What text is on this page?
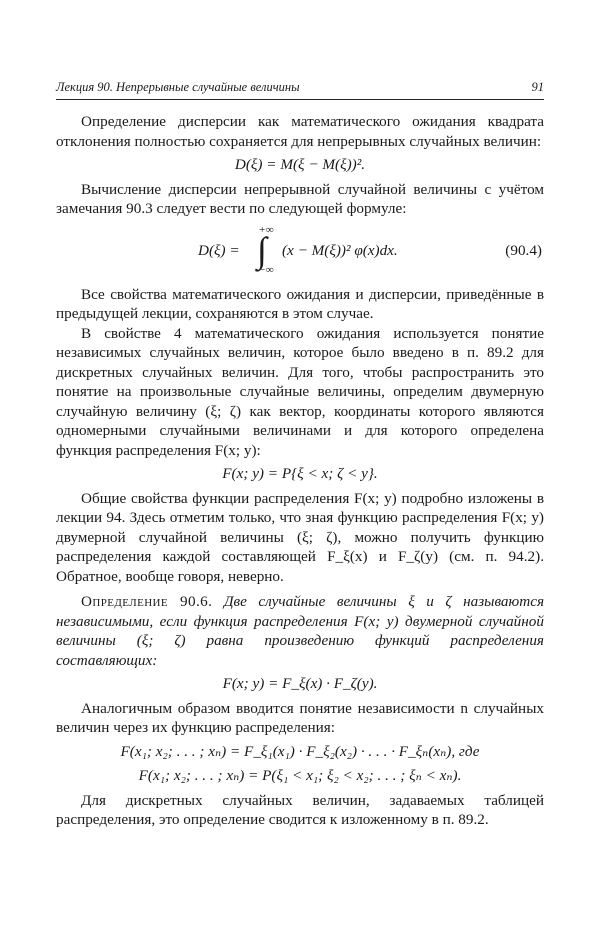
Лекция 90. Непрерывные случайные величины	91

Определение дисперсии как математического ожидания квадрата отклонения полностью сохраняется для непрерывных случайных величин:

D(ξ) = M(ξ − M(ξ))².

Вычисление дисперсии непрерывной случайной величины с учётом замечания 90.3 следует вести по следующей формуле:

D(ξ) =
+∞
∫
−∞
(x − M(ξ))² φ(x)dx.	(90.4)

Все свойства математического ожидания и дисперсии, приведённые в предыдущей лекции, сохраняются в этом случае.

В свойстве 4 математического ожидания используется понятие независимых случайных величин, которое было введено в п. 89.2 для дискретных случайных величин. Для того, чтобы распространить это понятие на произвольные случайные величины, определим двумерную случайную величину (ξ; ζ) как вектор, координаты которого являются одномерными случайными величинами и для которого определена функция распределения F(x; y):

F(x; y) = P{ξ < x; ζ < y}.

Общие свойства функции распределения F(x; y) подробно изложены в лекции 94. Здесь отметим только, что зная функцию распределения F(x; y) двумерной случайной величины (ξ; ζ), можно получить функцию распределения каждой составляющей F_ξ(x) и F_ζ(y) (см. п. 94.2). Обратное, вообще говоря, неверно.

Определение 90.6. Две случайные величины ξ и ζ называются независимыми, если функция распределения F(x; y) двумерной случайной величины (ξ; ζ) равна произведению функций распределения составляющих:

F(x; y) = F_ξ(x) · F_ζ(y).

Аналогичным образом вводится понятие независимости n случайных величин через их функцию распределения:

F(x₁; x₂; . . . ; xₙ) = F_ξ₁(x₁) · F_ξ₂(x₂) · . . . · F_ξₙ(xₙ), где
F(x₁; x₂; . . . ; xₙ) = P(ξ₁ < x₁; ξ₂ < x₂; . . . ; ξₙ < xₙ).

Для дискретных случайных величин, задаваемых таблицей распределения, это определение сводится к изложенному в п. 89.2.
